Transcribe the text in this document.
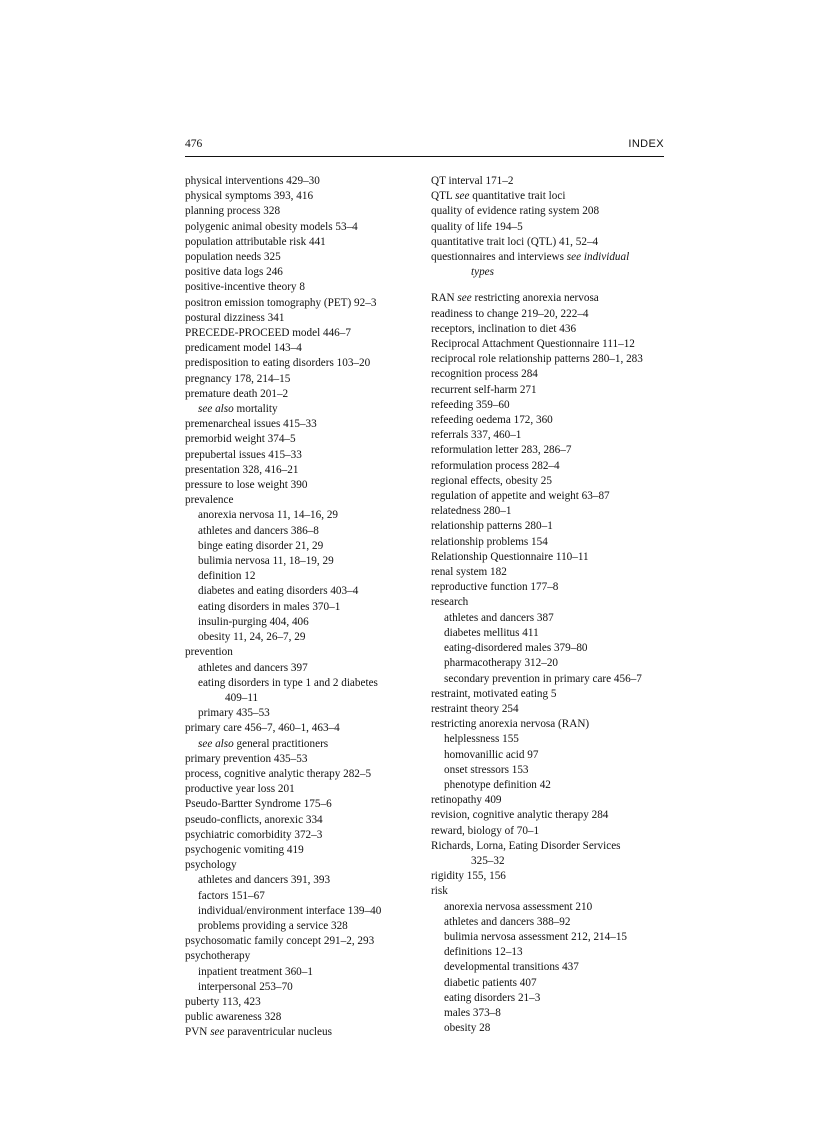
476	INDEX
physical interventions 429–30
physical symptoms 393, 416
planning process 328
polygenic animal obesity models 53–4
population attributable risk 441
population needs 325
positive data logs 246
positive-incentive theory 8
positron emission tomography (PET) 92–3
postural dizziness 341
PRECEDE-PROCEED model 446–7
predicament model 143–4
predisposition to eating disorders 103–20
pregnancy 178, 214–15
premature death 201–2
see also mortality
premenarcheal issues 415–33
premorbid weight 374–5
prepubertal issues 415–33
presentation 328, 416–21
pressure to lose weight 390
prevalence
anorexia nervosa 11, 14–16, 29
athletes and dancers 386–8
binge eating disorder 21, 29
bulimia nervosa 11, 18–19, 29
definition 12
diabetes and eating disorders 403–4
eating disorders in males 370–1
insulin-purging 404, 406
obesity 11, 24, 26–7, 29
prevention
athletes and dancers 397
eating disorders in type 1 and 2 diabetes
409–11
primary 435–53
primary care 456–7, 460–1, 463–4
see also general practitioners
primary prevention 435–53
process, cognitive analytic therapy 282–5
productive year loss 201
Pseudo-Bartter Syndrome 175–6
pseudo-conflicts, anorexic 334
psychiatric comorbidity 372–3
psychogenic vomiting 419
psychology
athletes and dancers 391, 393
factors 151–67
individual/environment interface 139–40
problems providing a service 328
psychosomatic family concept 291–2, 293
psychotherapy
inpatient treatment 360–1
interpersonal 253–70
puberty 113, 423
public awareness 328
PVN see paraventricular nucleus
QT interval 171–2
QTL see quantitative trait loci
quality of evidence rating system 208
quality of life 194–5
quantitative trait loci (QTL) 41, 52–4
questionnaires and interviews see individual
types
RAN see restricting anorexia nervosa
readiness to change 219–20, 222–4
receptors, inclination to diet 436
Reciprocal Attachment Questionnaire 111–12
reciprocal role relationship patterns 280–1, 283
recognition process 284
recurrent self-harm 271
refeeding 359–60
refeeding oedema 172, 360
referrals 337, 460–1
reformulation letter 283, 286–7
reformulation process 282–4
regional effects, obesity 25
regulation of appetite and weight 63–87
relatedness 280–1
relationship patterns 280–1
relationship problems 154
Relationship Questionnaire 110–11
renal system 182
reproductive function 177–8
research
athletes and dancers 387
diabetes mellitus 411
eating-disordered males 379–80
pharmacotherapy 312–20
secondary prevention in primary care 456–7
restraint, motivated eating 5
restraint theory 254
restricting anorexia nervosa (RAN)
helplessness 155
homovanillic acid 97
onset stressors 153
phenotype definition 42
retinopathy 409
revision, cognitive analytic therapy 284
reward, biology of 70–1
Richards, Lorna, Eating Disorder Services
325–32
rigidity 155, 156
risk
anorexia nervosa assessment 210
athletes and dancers 388–92
bulimia nervosa assessment 212, 214–15
definitions 12–13
developmental transitions 437
diabetic patients 407
eating disorders 21–3
males 373–8
obesity 28
